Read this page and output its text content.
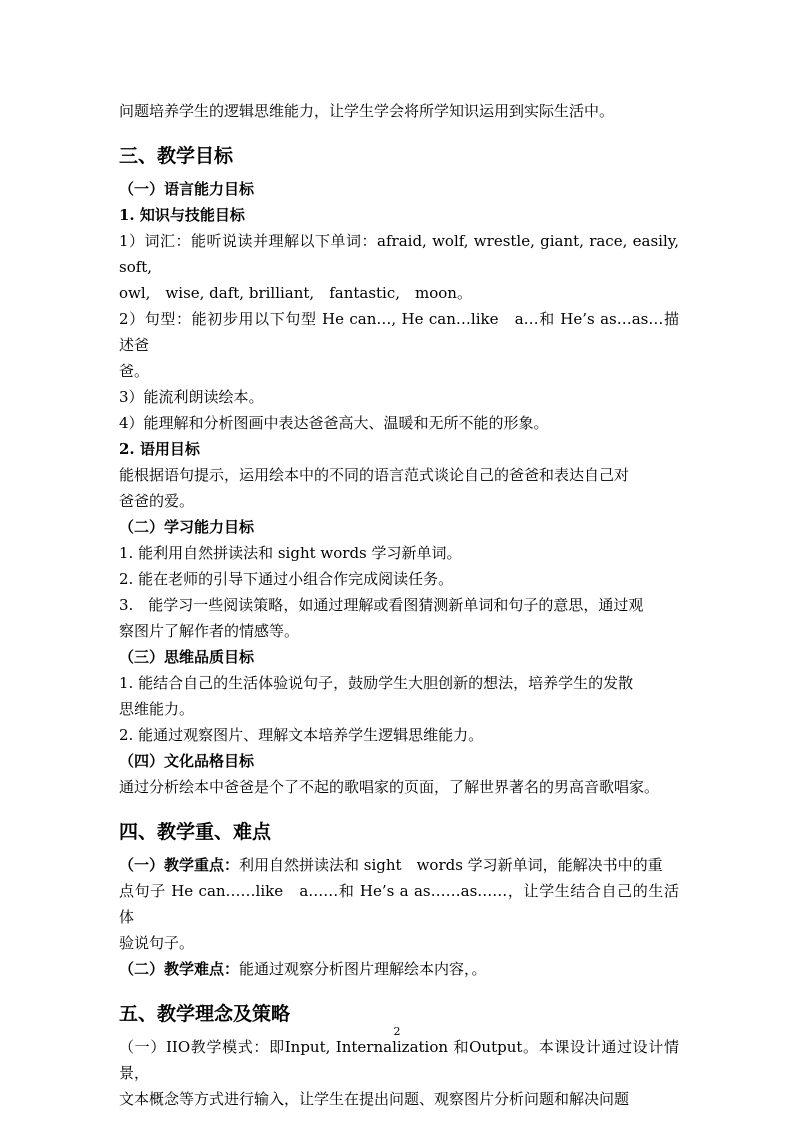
问题培养学生的逻辑思维能力，让学生学会将所学知识运用到实际生活中。

三、教学目标

（一）语言能力目标

1. 知识与技能目标

1）词汇：能听说读并理解以下单词：afraid, wolf, wrestle, giant, race, easily, soft,

owl,　wise, daft, brilliant,　fantastic,　moon。

2）句型：能初步用以下句型 He can…, He can…like　a…和 He’s as…as…描述爸

爸。

3）能流利朗读绘本。

4）能理解和分析图画中表达爸爸高大、温暖和无所不能的形象。

2. 语用目标

能根据语句提示，运用绘本中的不同的语言范式谈论自己的爸爸和表达自己对

爸爸的爱。

（二）学习能力目标

1. 能利用自然拼读法和 sight words 学习新单词。

2. 能在老师的引导下通过小组合作完成阅读任务。

3.　能学习一些阅读策略，如通过理解或看图猜测新单词和句子的意思，通过观

察图片了解作者的情感等。

（三）思维品质目标

1. 能结合自己的生活体验说句子，鼓励学生大胆创新的想法，培养学生的发散

思维能力。

2. 能通过观察图片、理解文本培养学生逻辑思维能力。

（四）文化品格目标

通过分析绘本中爸爸是个了不起的歌唱家的页面，了解世界著名的男高音歌唱家。

四、教学重、难点

（一）教学重点：利用自然拼读法和 sight　words 学习新单词，能解决书中的重

点句子 He can……like　a……和 He’s a as……as……，让学生结合自己的生活体

验说句子。

（二）教学难点：能通过观察分析图片理解绘本内容，。

五、教学理念及策略

（一）IIO教学模式：即Input, Internalization 和Output。本课设计通过设计情景，

文本概念等方式进行输入，让学生在提出问题、观察图片分析问题和解决问题

2
